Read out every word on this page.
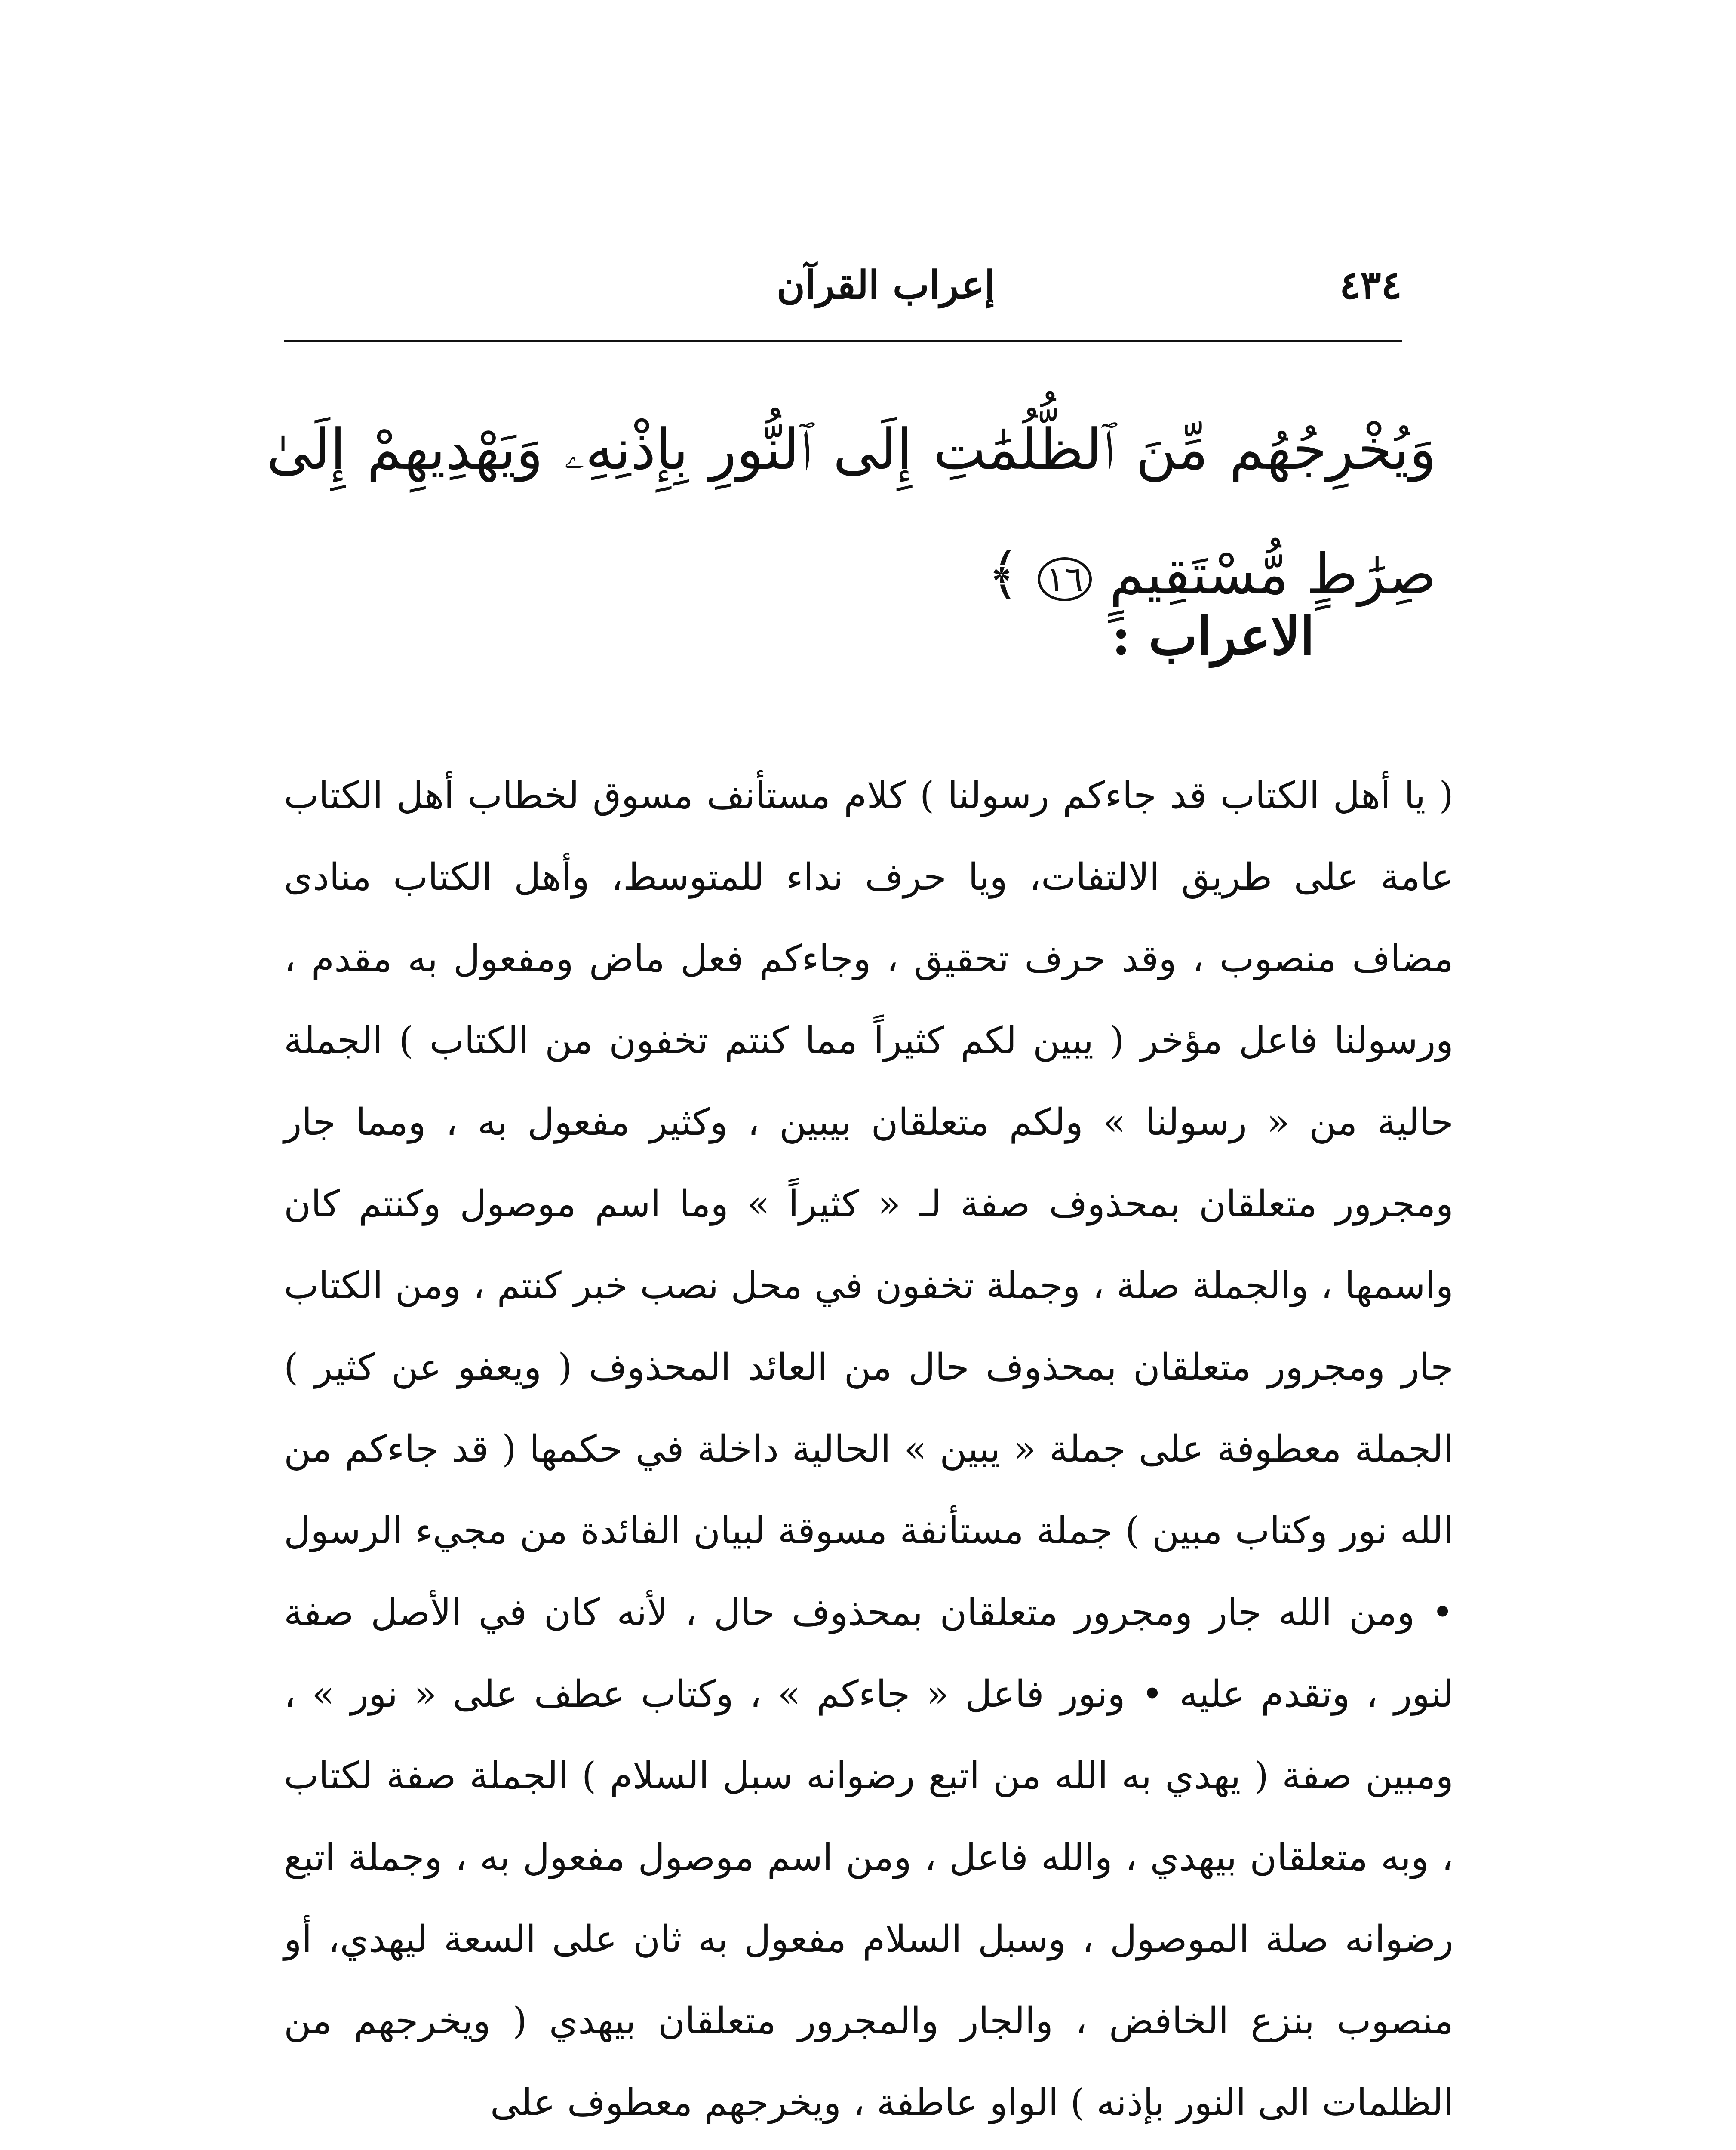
٤٣٤
إعراب القرآن
وَيُخْرِجُهُم مِّنَ ٱلظُّلُمَٰتِ إِلَى ٱلنُّورِ بِإِذْنِهِۦ وَيَهْدِيهِمْ إِلَىٰ صِرَٰطٍ مُّسْتَقِيمٍ ١٦ ﴾
الاعراب :
( يا أهل الكتاب قد جاءكم رسولنا ) كلام مستأنف مسوق لخطاب أهل الكتاب عامة على طريق الالتفات، ويا حرف نداء للمتوسط، وأهل الكتاب منادى مضاف منصوب ، وقد حرف تحقيق ، وجاءكم فعل ماض ومفعول به مقدم ، ورسولنا فاعل مؤخر ( يبين لكم كثيراً مما كنتم تخفون من الكتاب ) الجملة حالية من « رسولنا » ولكم متعلقان بيبين ، وكثير مفعول به ، ومما جار ومجرور متعلقان بمحذوف صفة لـ « كثيراً » وما اسم موصول وكنتم كان واسمها ، والجملة صلة ، وجملة تخفون في محل نصب خبر كنتم ، ومن الكتاب جار ومجرور متعلقان بمحذوف حال من العائد المحذوف ( ويعفو عن كثير ) الجملة معطوفة على جملة « يبين » الحالية داخلة في حكمها ( قد جاءكم من الله نور وكتاب مبين ) جملة مستأنفة مسوقة لبيان الفائدة من مجيء الرسول • ومن الله جار ومجرور متعلقان بمحذوف حال ، لأنه كان في الأصل صفة لنور ، وتقدم عليه • ونور فاعل « جاءكم » ، وكتاب عطف على « نور » ، ومبين صفة ( يهدي به الله من اتبع رضوانه سبل السلام ) الجملة صفة لكتاب ، وبه متعلقان بيهدي ، والله فاعل ، ومن اسم موصول مفعول به ، وجملة اتبع رضوانه صلة الموصول ، وسبل السلام مفعول به ثان على السعة ليهدي، أو منصوب بنزع الخافض ، والجار والمجرور متعلقان بيهدي ( ويخرجهم من الظلمات الى النور بإذنه ) الواو عاطفة ، ويخرجهم معطوف على
